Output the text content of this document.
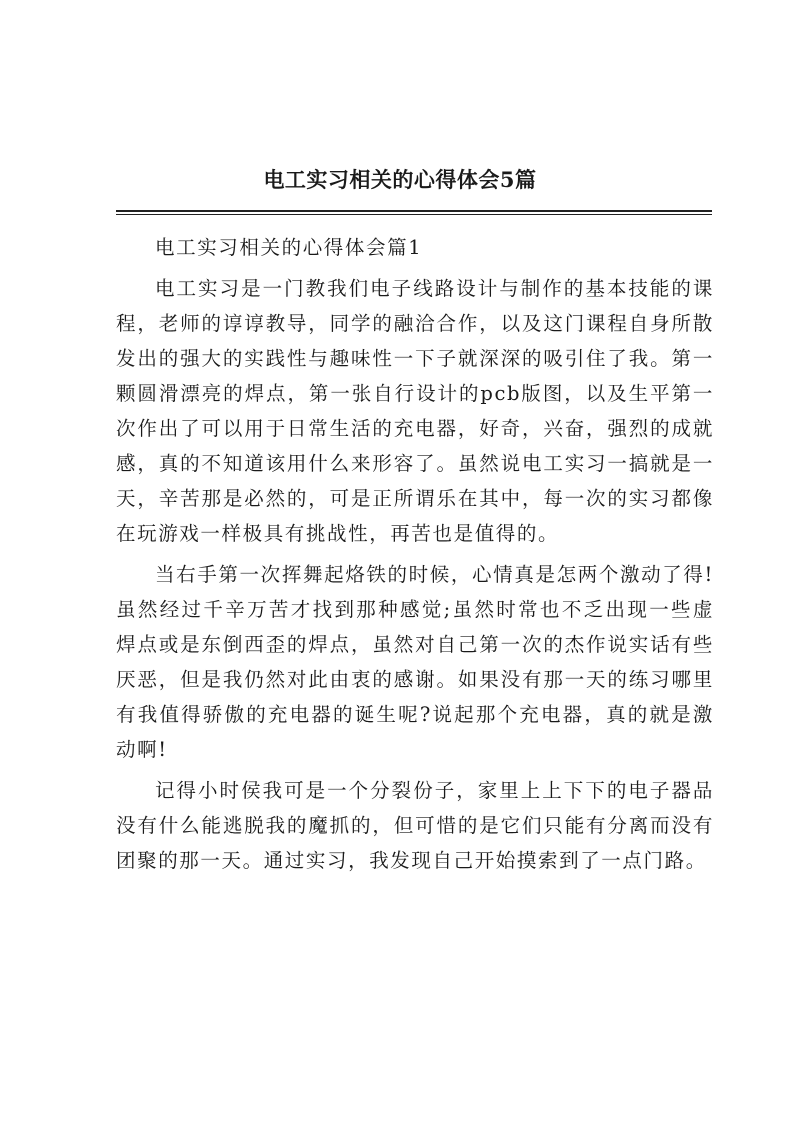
电工实习相关的心得体会5篇

电工实习相关的心得体会篇1

电工实习是一门教我们电子线路设计与制作的基本技能的课程，老师的谆谆教导，同学的融洽合作，以及这门课程自身所散发出的强大的实践性与趣味性一下子就深深的吸引住了我。第一颗圆滑漂亮的焊点，第一张自行设计的pcb版图，以及生平第一次作出了可以用于日常生活的充电器，好奇，兴奋，强烈的成就感，真的不知道该用什么来形容了。虽然说电工实习一搞就是一天，辛苦那是必然的，可是正所谓乐在其中，每一次的实习都像在玩游戏一样极具有挑战性，再苦也是值得的。

当右手第一次挥舞起烙铁的时候，心情真是怎两个激动了得!虽然经过千辛万苦才找到那种感觉;虽然时常也不乏出现一些虚焊点或是东倒西歪的焊点，虽然对自己第一次的杰作说实话有些厌恶，但是我仍然对此由衷的感谢。如果没有那一天的练习哪里有我值得骄傲的充电器的诞生呢?说起那个充电器，真的就是激动啊!

记得小时侯我可是一个分裂份子，家里上上下下的电子器品没有什么能逃脱我的魔抓的，但可惜的是它们只能有分离而没有团聚的那一天。通过实习，我发现自己开始摸索到了一点门路。
